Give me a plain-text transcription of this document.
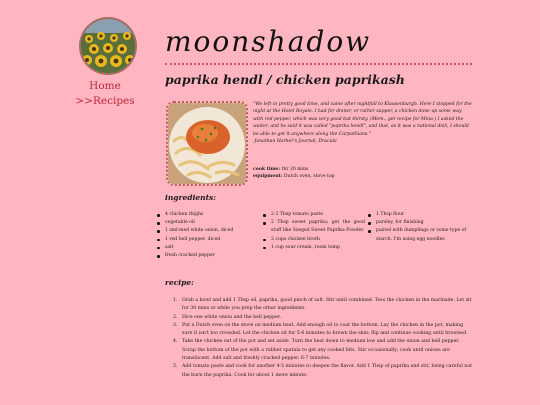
Home
>>Recipes
moonshadow
paprika hendl / chicken paprikash

"We left in pretty good time, and came after nightfall to Klausenburgh. Here I stopped for the night at the Hotel Royale. I had for dinner, or rather supper, a chicken done up some way with red pepper, which was very good but thirsty. (Mem., get recipe for Mina.) I asked the waiter, and he said it was called "paprika hendl", and that, as it was a national dish, I should be able to get it anywhere along the Carpathians."

-Jonathan Harker's Journal, Dracula

cook time: thr 20 mins
equipment: Dutch oven, stove top
ingredients:
4 chicken thighs
vegetable oil
1 sml-med white onion, diced
1 red bell pepper, diced
salt
fresh cracked pepper
2-3 Tbsp tomato paste
2 Tbsp sweet paprika; get the good stuff like Szeged Sweet Paprika Powder
2 cups chicken broth
1 cup sour cream, room temp
1 Tbsp flour
parsley, for finishing
paired with dumplings or some type of starch. I'm using egg noodles
recipe:
Grab a bowl and add 1 Tbsp oil, paprika, good pinch of salt. Stir until combined. Toss the chicken in the marinade. Let sit for 30 mins or while you prep the other ingredients.
Dice one white onion and the bell pepper.
Put a Dutch oven on the stove on medium heat. Add enough oil to coat the bottom. Lay the chicken in the pot, making sure it isn't too crowded. Let the chicken sit for 5-6 minutes to brown the skin; flip and continue cooking until browned.
Take the chicken out of the pot and set aside. Turn the heat down to medium low and add the onion and bell pepper. Scrap the bottom of the pot with a rubber spatula to get any cooked bits. Stir occasionally; cook until onions are translucent. Add salt and freshly cracked pepper. 6-7 minutes.
Add tomato paste and cook for another 4-5 minutes to deepen the flavor. Add 1 Tbsp of paprika and stir, being careful not the burn the paprika. Cook for about 1 more minute.
